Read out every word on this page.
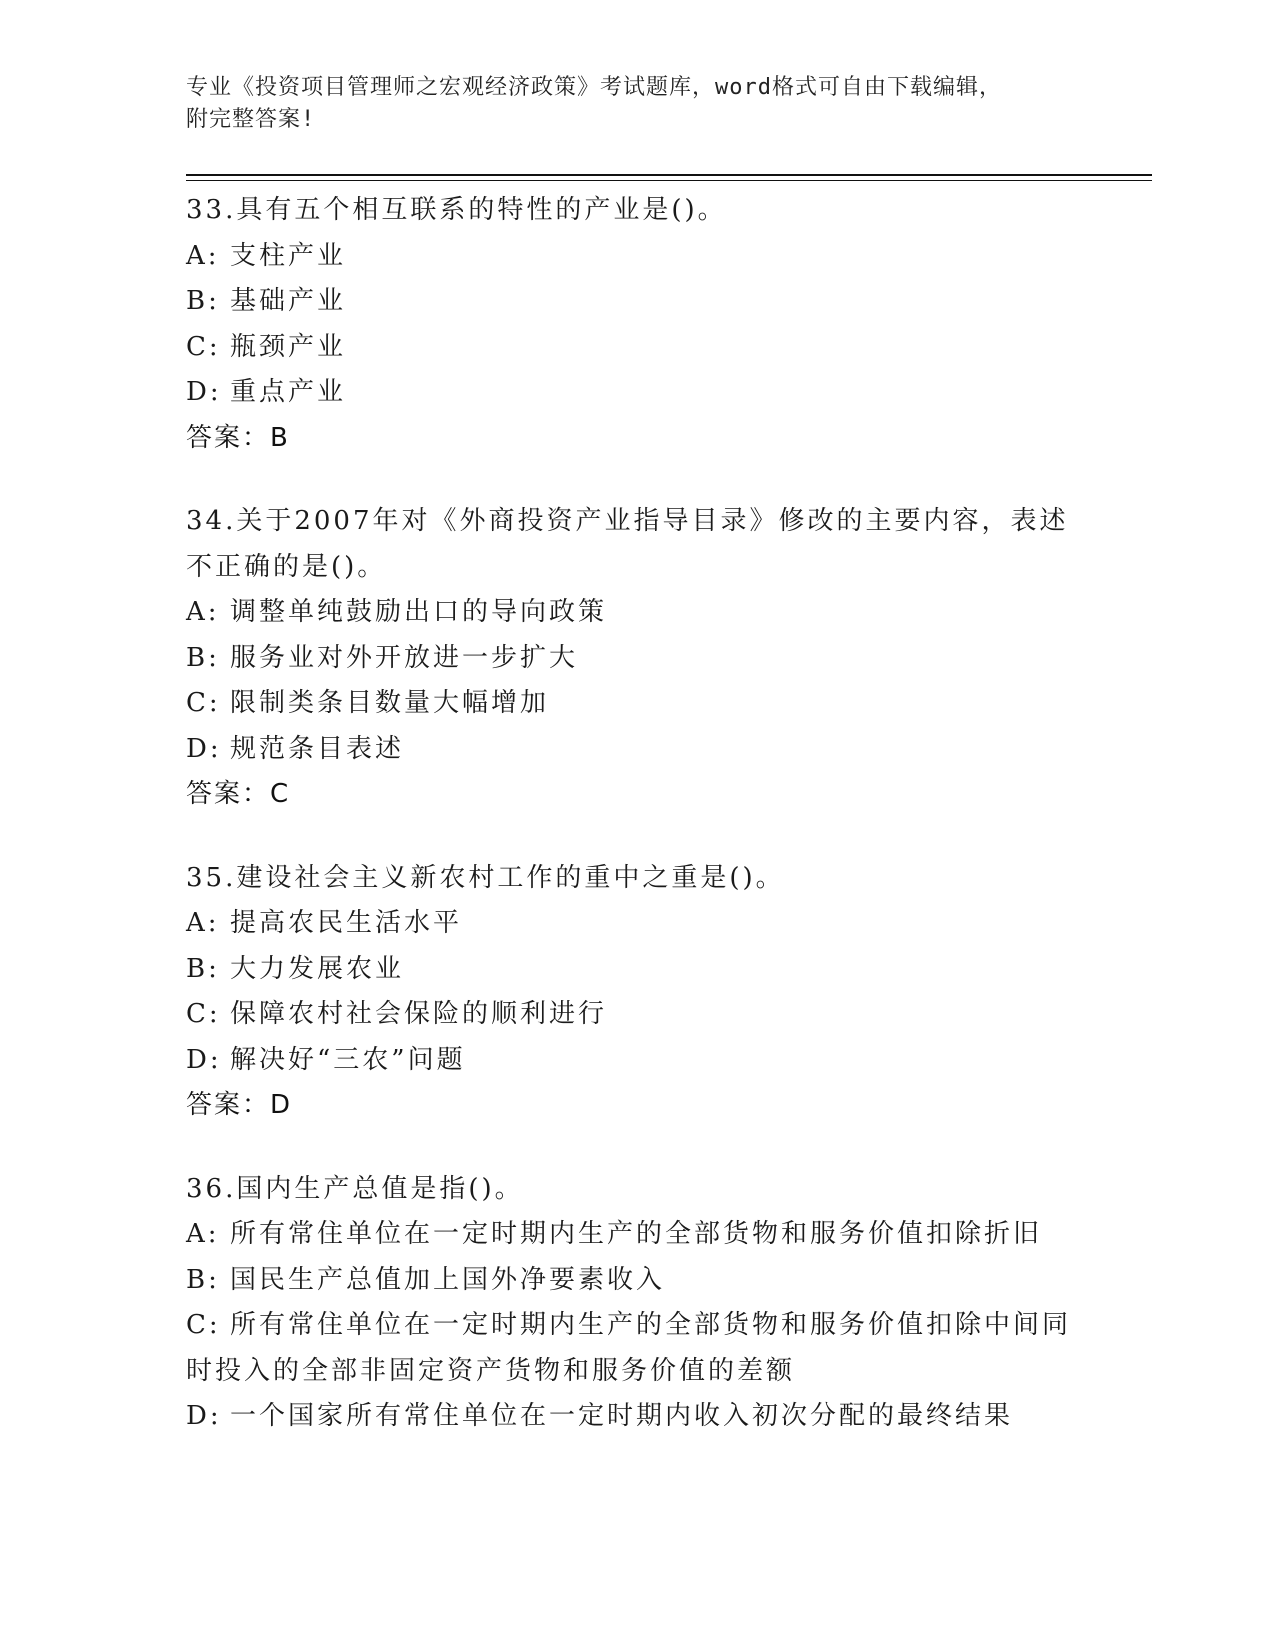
专业《投资项目管理师之宏观经济政策》考试题库，word格式可自由下载编辑，
附完整答案!
33.具有五个相互联系的特性的产业是()。
A: 支柱产业
B: 基础产业
C: 瓶颈产业
D: 重点产业
答案：B
34.关于2007年对《外商投资产业指导目录》修改的主要内容，表述不正确的是()。
A: 调整单纯鼓励出口的导向政策
B: 服务业对外开放进一步扩大
C: 限制类条目数量大幅增加
D: 规范条目表述
答案：C
35.建设社会主义新农村工作的重中之重是()。
A: 提高农民生活水平
B: 大力发展农业
C: 保障农村社会保险的顺利进行
D: 解决好“三农”问题
答案：D
36.国内生产总值是指()。
A: 所有常住单位在一定时期内生产的全部货物和服务价值扣除折旧
B: 国民生产总值加上国外净要素收入
C: 所有常住单位在一定时期内生产的全部货物和服务价值扣除中间同时投入的全部非固定资产货物和服务价值的差额
D: 一个国家所有常住单位在一定时期内收入初次分配的最终结果
